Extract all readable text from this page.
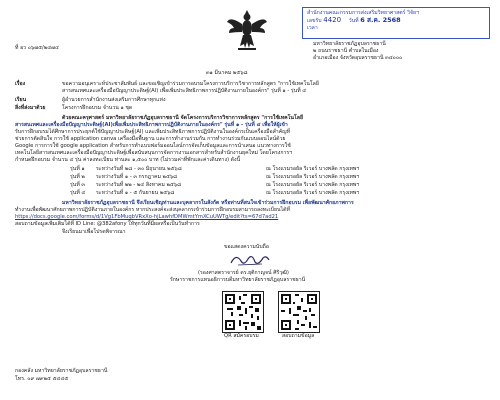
สำนักงานคณะกรรมการส่งเสริมวิทยาศาสตร์ วิจัยฯ
เลขรับ 4420 วันที่ 6 ส.ค. 2568
เวลา
ที่ อว ๐๖๗๕/๒๔๗๔
มหาวิทยาลัยราชภัฏอุบลราชธานี
๒ ถนนราชธานี ตำบลในเมือง
อำเภอเมือง จังหวัดอุบลราชธานี ๓๔๐๐๐
๓๑ มีนาคม ๒๕๖๘
เรื่อง	ขอความอนุเคราะห์ประชาสัมพันธ์ และขอเชิญเข้าร่วมการอบรมโครงการบริการวิชาการหลักสูตร "การใช้เทคโนโลยี
สารสนเทศและเครื่องมือปัญญาประดิษฐ์(AI) เพื่อเพิ่มประสิทธิภาพการปฏิบัติงานภายในองค์กร" รุ่นที่ ๑ - รุ่นที่ ๔
เรียน	ผู้อำนวยการสำนักงานส่งเสริมการศึกษาทุกแห่ง
สิ่งที่ส่งมาด้วย	โครงการฝึกอบรม จำนวน ๑ ชุด
ด้วยคณะครุศาสตร์ มหาวิทยาลัยราชภัฏอุบลราชธานี จัดโครงการบริการวิชาการหลักสูตร "การใช้เทคโนโลยี
สารสนเทศและเครื่องมือปัญญาประดิษฐ์(AI)เพื่อเพิ่มประสิทธิภาพการปฏิบัติงานภายในองค์กร" รุ่นที่ ๑ - รุ่นที่ ๔ เพื่อให้ผู้เข้า
รับการฝึกอบรมได้ศึกษาการประยุกต์ใช้ปัญญาประดิษฐ์(AI) และเพิ่มประสิทธิภาพการปฏิบัติงานในองค์กรเป็นเครื่องมือสำคัญที่
ช่วยการตัดสินใจ การใช้ application canva เครื่องมือพื้นฐาน และการทำงานร่วมกัน การทำงานร่วมกันแบบออนไลน์ด้วย
Google การการใช้ google application สำหรับการทำแบบฟอร์มออนไลน์การจัดเก็บข้อมูลและการนำเสนอ แนวทางการใช้
เทคโนโลยีสารสนเทศและเครื่องมือปัญญาประดิษฐ์เพื่อสนับสนุนการจัดการงานเอกสารสำหรับสำนักงานยุคใหม่ โดยโครงการฯ
กำหนดฝึกอบรม จำนวน ๔ รุ่น ค่าลงทะเบียน ท่านละ ๑,๕๐๐ บาท (ไม่รวมค่าที่พักและค่าเดินทาง) ดังนี้
รุ่นที่ ๑ ระหว่างวันที่ ๒๘ - ๓๐ มิถุนายน ๒๕๖๘	ณ โรงแรมรอยัล ริเวอร์ บางพลัด กรุงเทพฯ
รุ่นที่ ๒ ระหว่างวันที่ ๑ - ๓ กรกฎาคม ๒๕๖๘	ณ โรงแรมรอยัล ริเวอร์ บางพลัด กรุงเทพฯ
รุ่นที่ ๓ ระหว่างวันที่ ๒๒ - ๒๔ สิงหาคม ๒๕๖๘	ณ โรงแรมรอยัล ริเวอร์ บางพลัด กรุงเทพฯ
รุ่นที่ ๔ ระหว่างวันที่ ๑ - ๕ กันยายน ๒๕๖๘	ณ โรงแรมรอยัล ริเวอร์ บางพลัด กรุงเทพฯ
มหาวิทยาลัยราชภัฏอุบลราชธานี จึงเรียนเชิญท่านและบุคลากรในสังกัด หรือท่านที่สนใจเข้าร่วมการฝึกอบรม เพื่อพัฒนาศักยภาพการ
ทำงานเพื่อพัฒนาศักยภาพการปฏิบัติงานภายในองค์กร หากประสงค์จะส่งบุคลากรเข้าร่วมการฝึกอบรมสามารถลงทะเบียนได้ที่
https://docs.google.com/forms/d/1Vg1FbMuqbVRxXo-hjLawhfDMWmtYmXCuUWTg/edit?ts=67d7ad21
สอบถามข้อมูลเพิ่มเติมได้ที่ ID Line: @382afony ให้ทุกวันที่มีผลหรือเป็นวันทำการ
จึงเรียนมาเพื่อโปรดพิจารณา
ขอแสดงความนับถือ
(รองศาสตราจารย์ ดร.ยุติกาญจน์ ศิริวุฒิ)
รักษาราชการแทนอธิการบดีมหาวิทยาลัยราชภัฏอุบลราชธานี
QR สมัครอบรม	สอบถามข้อมูล
กองคลัง มหาวิทยาลัยราชภัฏอุบลราชธานี
โทร. ๐๙ ๗๙๒๕ ๕๔๔๕
